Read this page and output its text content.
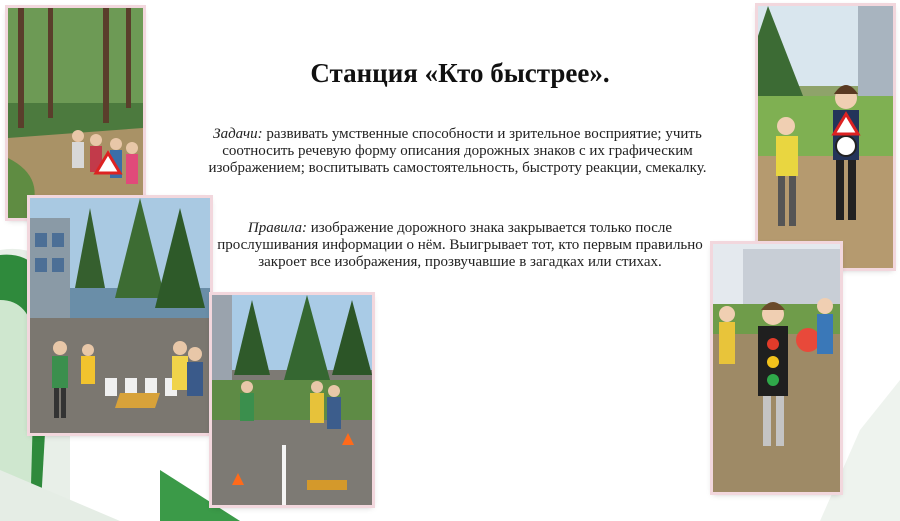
Станция «Кто быстрее».

Задачи: развивать умственные способности и зрительное восприятие; учить соотносить речевую форму описания дорожных знаков с их графическим изображением; воспитывать самостоятельность, быстроту реакции, смекалку.

Правила: изображение дорожного знака закрывается только после прослушивания информации о нём. Выигрывает тот, кто первым правильно закроет все изображения, прозвучавшие в загадках или стихах.
